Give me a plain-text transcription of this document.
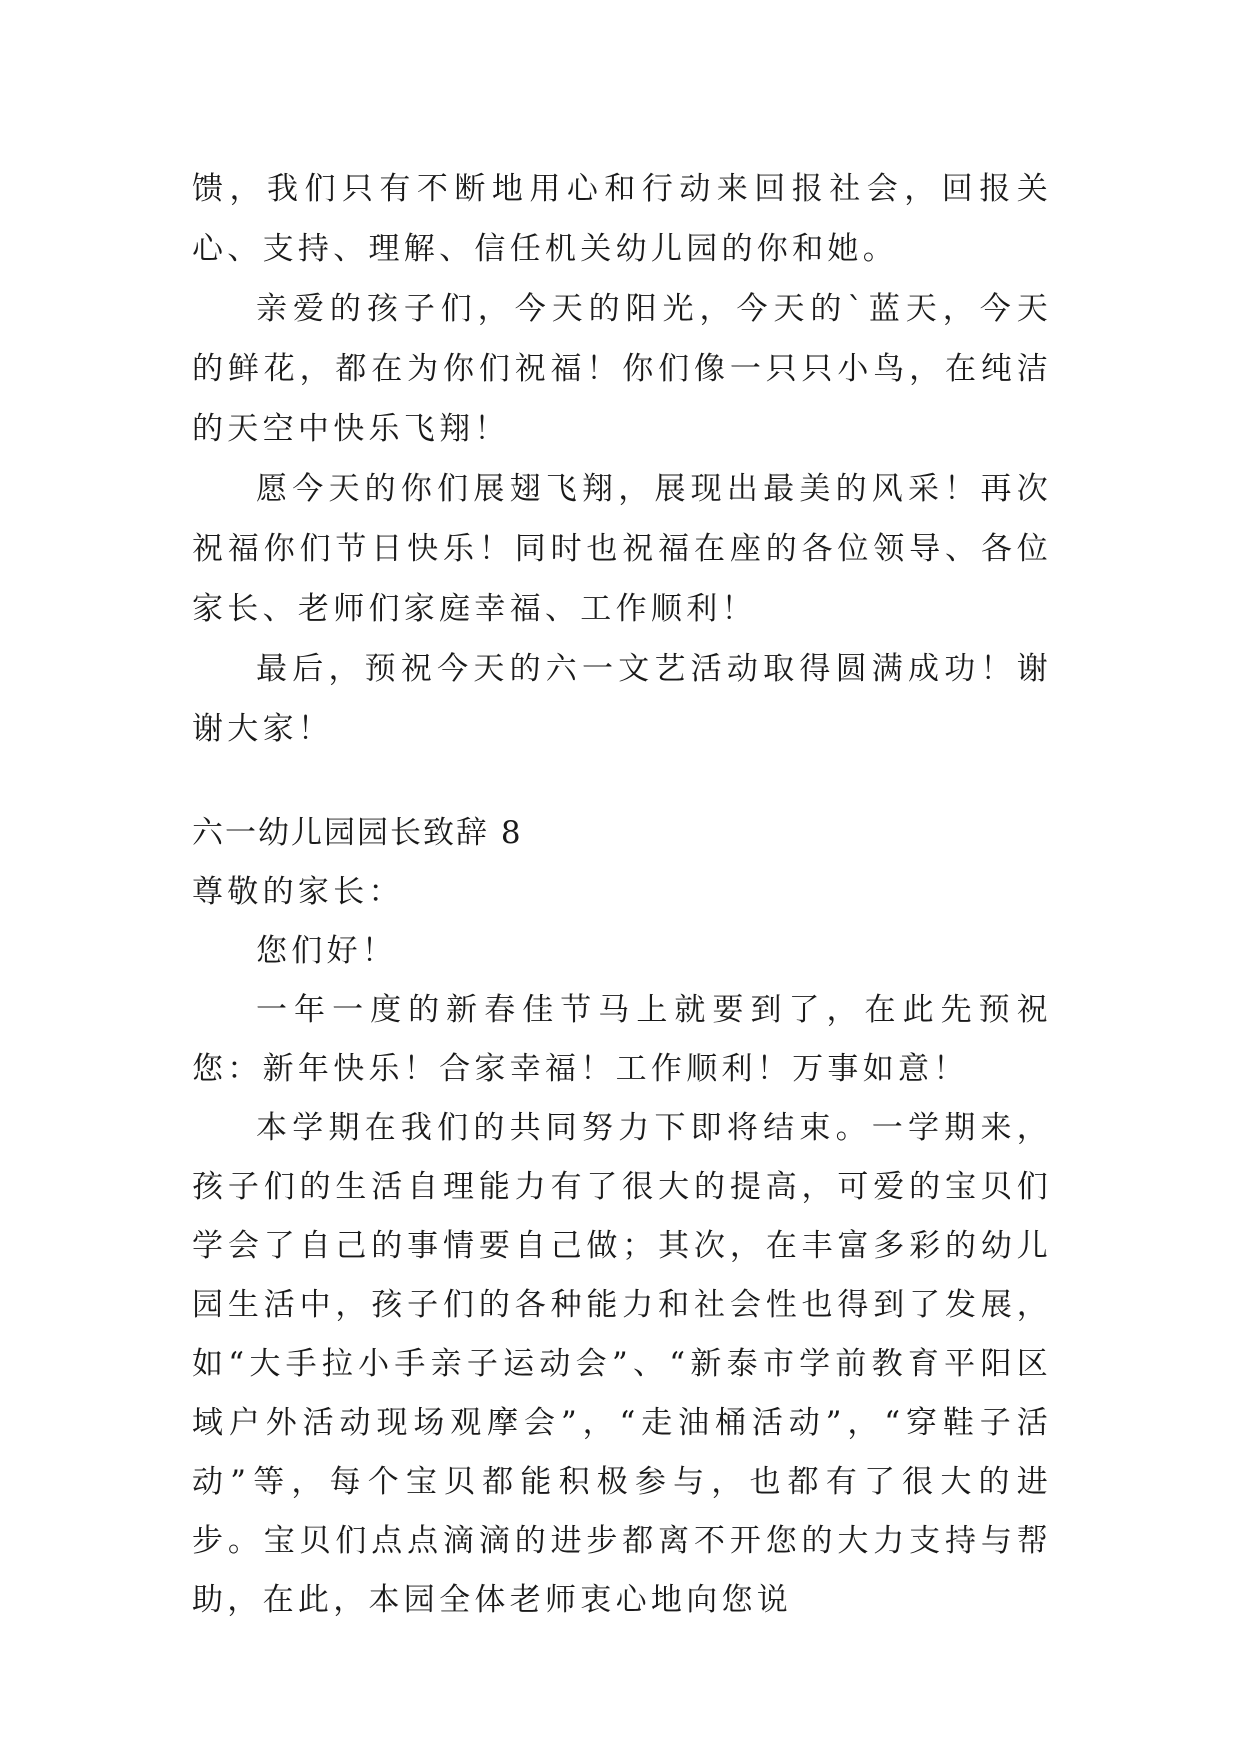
馈，我们只有不断地用心和行动来回报社会，回报关心、支持、理解、信任机关幼儿园的你和她。

亲爱的孩子们，今天的阳光，今天的`蓝天，今天的鲜花，都在为你们祝福！你们像一只只小鸟，在纯洁的天空中快乐飞翔！

愿今天的你们展翅飞翔，展现出最美的风采！再次祝福你们节日快乐！同时也祝福在座的各位领导、各位家长、老师们家庭幸福、工作顺利！

最后，预祝今天的六一文艺活动取得圆满成功！谢谢大家！

六一幼儿园园长致辞 8

尊敬的家长：

您们好！

一年一度的新春佳节马上就要到了，在此先预祝您：新年快乐！合家幸福！工作顺利！万事如意！

本学期在我们的共同努力下即将结束。一学期来，孩子们的生活自理能力有了很大的提高，可爱的宝贝们学会了自己的事情要自己做；其次，在丰富多彩的幼儿园生活中，孩子们的各种能力和社会性也得到了发展，如“大手拉小手亲子运动会”、“新泰市学前教育平阳区域户外活动现场观摩会”，“走油桶活动”，“穿鞋子活动”等，每个宝贝都能积极参与，也都有了很大的进步。宝贝们点点滴滴的进步都离不开您的大力支持与帮助，在此，本园全体老师衷心地向您说
